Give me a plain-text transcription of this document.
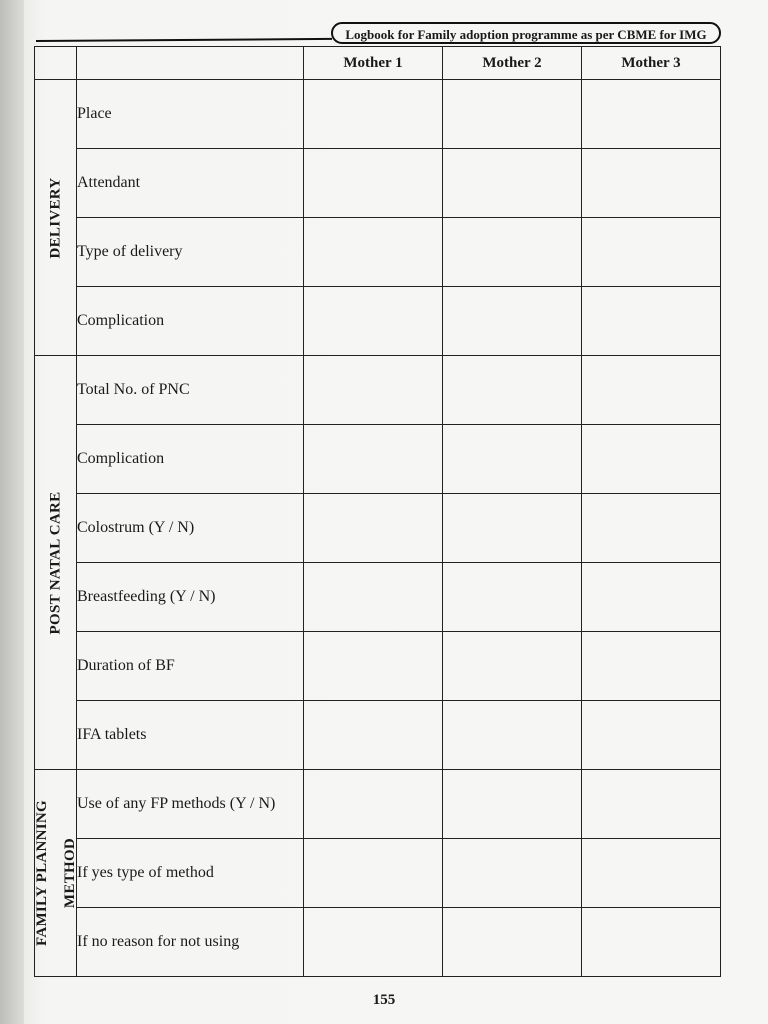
Logbook for Family adoption programme as per CBME for IMG
		Mother 1	Mother 2	Mother 3

DELIVERY	Place			
	Attendant			
	Type of delivery			
	Complication			

POST NATAL CARE	Total No. of PNC			
	Complication			
	Colostrum (Y / N)			
	Breastfeeding (Y / N)			
	Duration of BF			
	IFA tablets			

FAMILY PLANNING METHOD	Use of any FP methods (Y / N)			
	If yes type of method			
	If no reason for not using			
155
